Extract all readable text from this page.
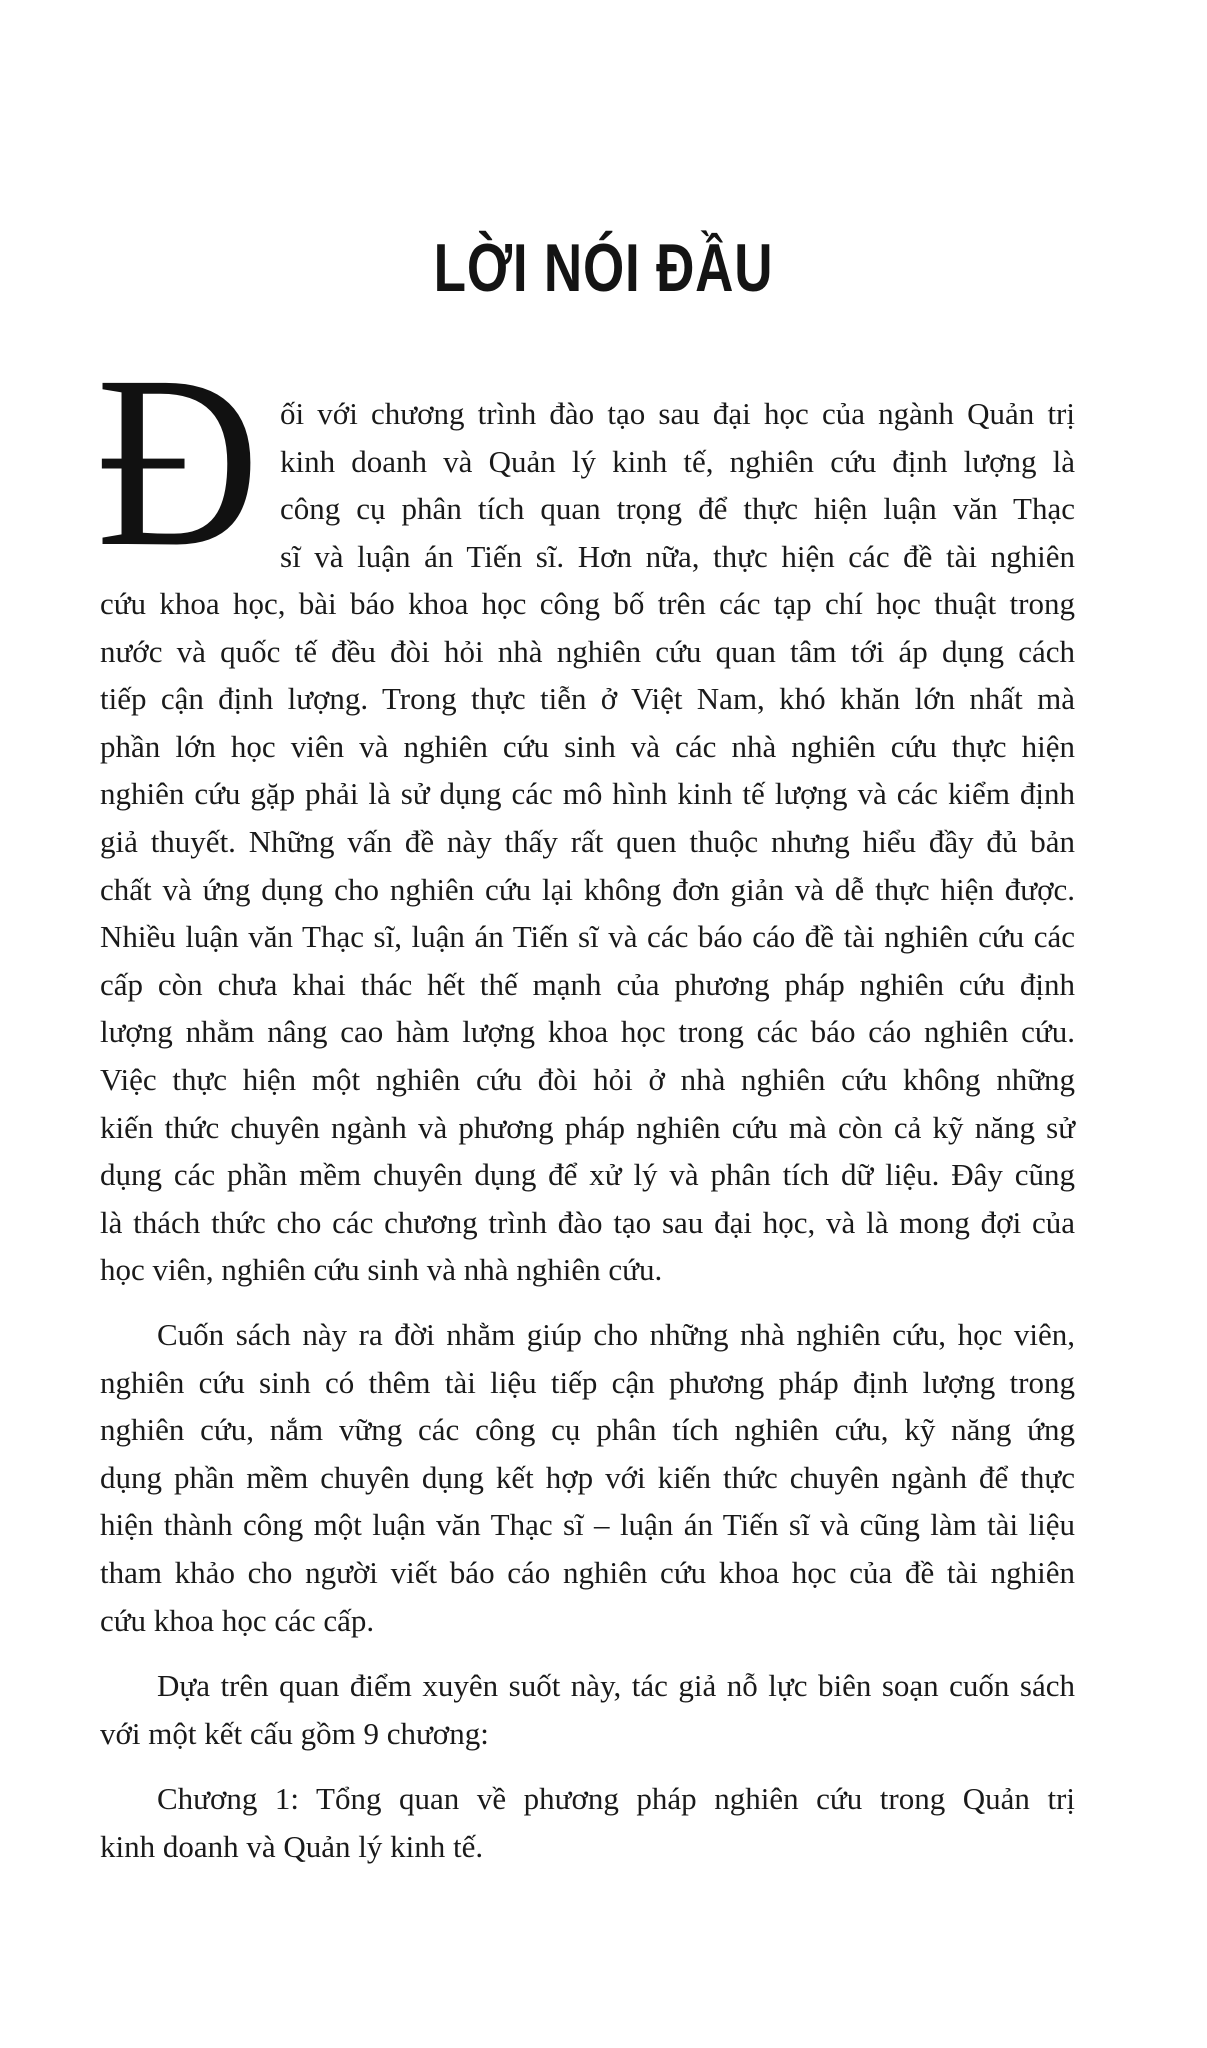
LỜI NÓI ĐẦU
Đ ối với chương trình đào tạo sau đại học của ngành Quản trị
kinh doanh và Quản lý kinh tế, nghiên cứu định lượng là
công cụ phân tích quan trọng để thực hiện luận văn Thạc
sĩ và luận án Tiến sĩ. Hơn nữa, thực hiện các đề tài nghiên
cứu khoa học, bài báo khoa học công bố trên các tạp chí học thuật trong
nước và quốc tế đều đòi hỏi nhà nghiên cứu quan tâm tới áp dụng cách
tiếp cận định lượng. Trong thực tiễn ở Việt Nam, khó khăn lớn nhất mà
phần lớn học viên và nghiên cứu sinh và các nhà nghiên cứu thực hiện
nghiên cứu gặp phải là sử dụng các mô hình kinh tế lượng và các kiểm định
giả thuyết. Những vấn đề này thấy rất quen thuộc nhưng hiểu đầy đủ bản
chất và ứng dụng cho nghiên cứu lại không đơn giản và dễ thực hiện được.
Nhiều luận văn Thạc sĩ, luận án Tiến sĩ và các báo cáo đề tài nghiên cứu các
cấp còn chưa khai thác hết thế mạnh của phương pháp nghiên cứu định
lượng nhằm nâng cao hàm lượng khoa học trong các báo cáo nghiên cứu.
Việc thực hiện một nghiên cứu đòi hỏi ở nhà nghiên cứu không những
kiến thức chuyên ngành và phương pháp nghiên cứu mà còn cả kỹ năng sử
dụng các phần mềm chuyên dụng để xử lý và phân tích dữ liệu. Đây cũng
là thách thức cho các chương trình đào tạo sau đại học, và là mong đợi của
học viên, nghiên cứu sinh và nhà nghiên cứu.
Cuốn sách này ra đời nhằm giúp cho những nhà nghiên cứu, học viên,
nghiên cứu sinh có thêm tài liệu tiếp cận phương pháp định lượng trong
nghiên cứu, nắm vững các công cụ phân tích nghiên cứu, kỹ năng ứng
dụng phần mềm chuyên dụng kết hợp với kiến thức chuyên ngành để thực
hiện thành công một luận văn Thạc sĩ – luận án Tiến sĩ và cũng làm tài liệu
tham khảo cho người viết báo cáo nghiên cứu khoa học của đề tài nghiên
cứu khoa học các cấp.
Dựa trên quan điểm xuyên suốt này, tác giả nỗ lực biên soạn cuốn sách
với một kết cấu gồm 9 chương:
Chương 1: Tổng quan về phương pháp nghiên cứu trong Quản trị
kinh doanh và Quản lý kinh tế.
